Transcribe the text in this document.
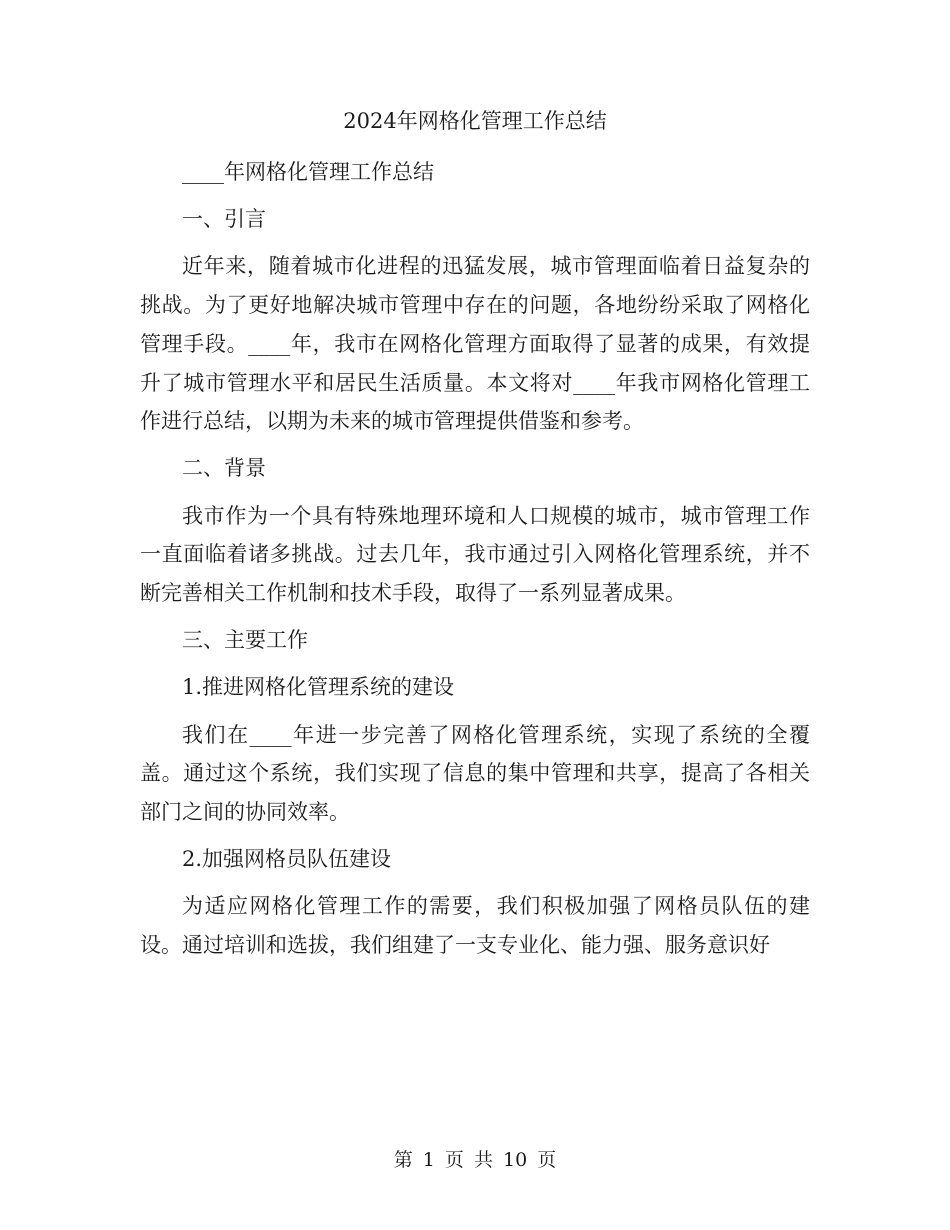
2024年网格化管理工作总结

____年网格化管理工作总结

一、引言

近年来，随着城市化进程的迅猛发展，城市管理面临着日益复杂的挑战。为了更好地解决城市管理中存在的问题，各地纷纷采取了网格化管理手段。____年，我市在网格化管理方面取得了显著的成果，有效提升了城市管理水平和居民生活质量。本文将对____年我市网格化管理工作进行总结，以期为未来的城市管理提供借鉴和参考。

二、背景

我市作为一个具有特殊地理环境和人口规模的城市，城市管理工作一直面临着诸多挑战。过去几年，我市通过引入网格化管理系统，并不断完善相关工作机制和技术手段，取得了一系列显著成果。

三、主要工作

1.推进网格化管理系统的建设

我们在____年进一步完善了网格化管理系统，实现了系统的全覆盖。通过这个系统，我们实现了信息的集中管理和共享，提高了各相关部门之间的协同效率。

2.加强网格员队伍建设

为适应网格化管理工作的需要，我们积极加强了网格员队伍的建设。通过培训和选拔，我们组建了一支专业化、能力强、服务意识好

第 1 页 共 10 页
